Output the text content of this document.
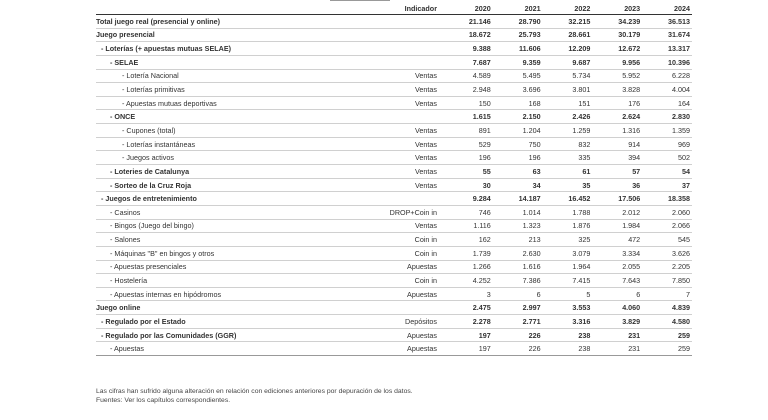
	Indicador	2020	2021	2022	2023	2024
Total juego real (presencial y online)		21.146	28.790	32.215	34.239	36.513
Juego presencial		18.672	25.793	28.661	30.179	31.674
- Loterías (+ apuestas mutuas SELAE)		9.388	11.606	12.209	12.672	13.317
- SELAE		7.687	9.359	9.687	9.956	10.396
- Lotería Nacional	Ventas	4.589	5.495	5.734	5.952	6.228
- Loterías primitivas	Ventas	2.948	3.696	3.801	3.828	4.004
- Apuestas mutuas deportivas	Ventas	150	168	151	176	164
- ONCE		1.615	2.150	2.426	2.624	2.830
- Cupones (total)	Ventas	891	1.204	1.259	1.316	1.359
- Loterías instantáneas	Ventas	529	750	832	914	969
- Juegos activos	Ventas	196	196	335	394	502
- Loteries de Catalunya	Ventas	55	63	61	57	54
- Sorteo de la Cruz Roja	Ventas	30	34	35	36	37
- Juegos de entretenimiento		9.284	14.187	16.452	17.506	18.358
- Casinos	DROP+Coin in	746	1.014	1.788	2.012	2.060
- Bingos (Juego del bingo)	Ventas	1.116	1.323	1.876	1.984	2.066
- Salones	Coin in	162	213	325	472	545
- Máquinas "B" en bingos y otros	Coin in	1.739	2.630	3.079	3.334	3.626
- Apuestas presenciales	Apuestas	1.266	1.616	1.964	2.055	2.205
- Hostelería	Coin in	4.252	7.386	7.415	7.643	7.850
- Apuestas internas en hipódromos	Apuestas	3	6	5	6	7
Juego online		2.475	2.997	3.553	4.060	4.839
- Regulado por el Estado	Depósitos	2.278	2.771	3.316	3.829	4.580
- Regulado por las Comunidades (GGR)	Apuestas	197	226	238	231	259
- Apuestas	Apuestas	197	226	238	231	259
Las cifras han sufrido alguna alteración en relación con ediciones anteriores por depuración de los datos.
Fuentes: Ver los capítulos correspondientes.
